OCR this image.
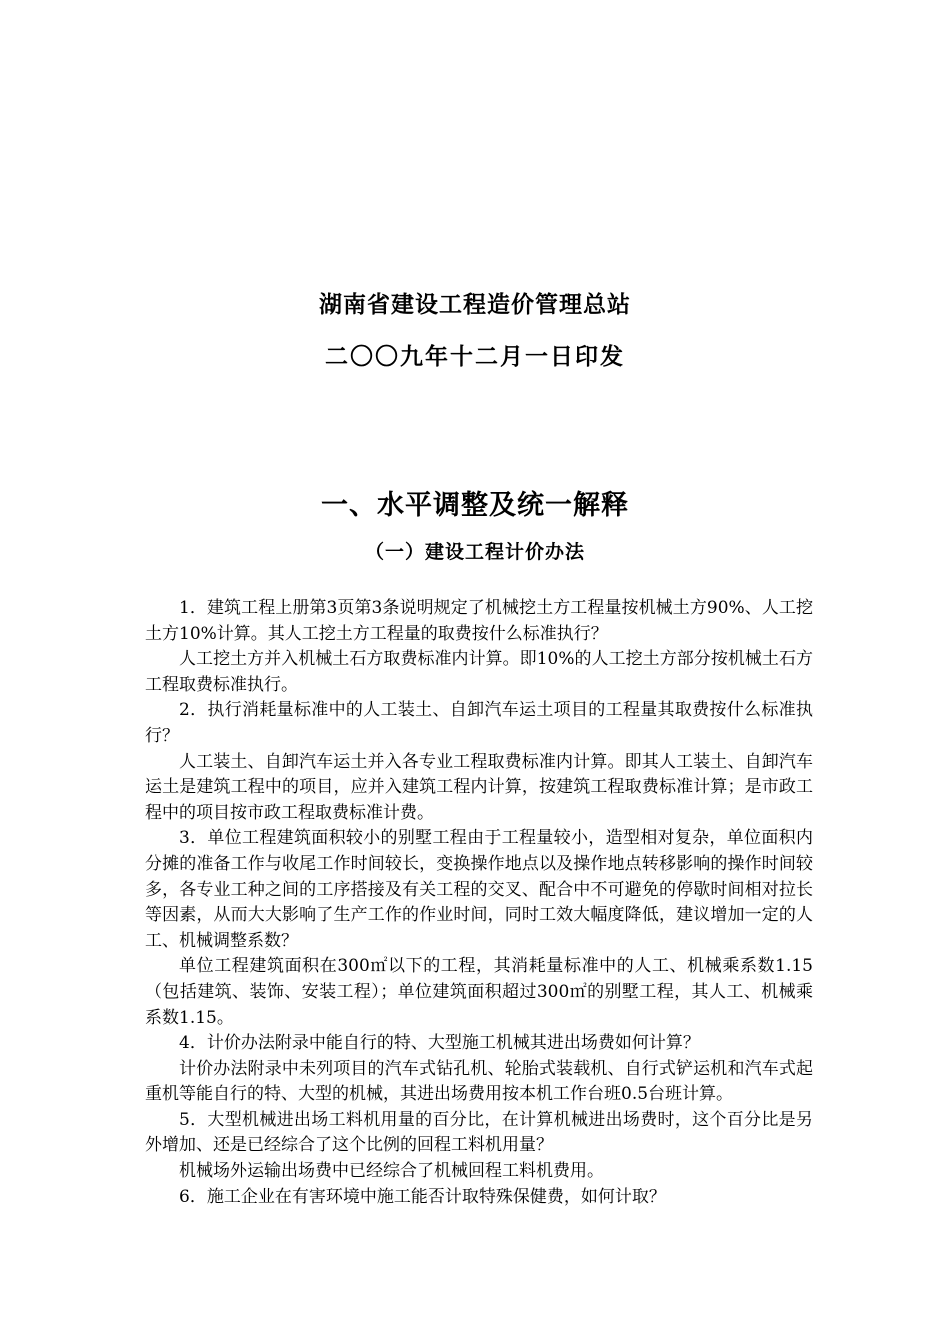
湖南省建设工程造价管理总站
二〇〇九年十二月一日印发
一、水平调整及统一解释
（一）建设工程计价办法

1．建筑工程上册第3页第3条说明规定了机械挖土方工程量按机械土方90%、人工挖土方10%计算。其人工挖土方工程量的取费按什么标准执行？

人工挖土方并入机械土石方取费标准内计算。即10%的人工挖土方部分按机械土石方工程取费标准执行。

2．执行消耗量标准中的人工装土、自卸汽车运土项目的工程量其取费按什么标准执行？

人工装土、自卸汽车运土并入各专业工程取费标准内计算。即其人工装土、自卸汽车运土是建筑工程中的项目，应并入建筑工程内计算，按建筑工程取费标准计算；是市政工程中的项目按市政工程取费标准计费。

3．单位工程建筑面积较小的别墅工程由于工程量较小，造型相对复杂，单位面积内分摊的准备工作与收尾工作时间较长，变换操作地点以及操作地点转移影响的操作时间较多，各专业工种之间的工序搭接及有关工程的交叉、配合中不可避免的停歇时间相对拉长等因素，从而大大影响了生产工作的作业时间，同时工效大幅度降低，建议增加一定的人工、机械调整系数？

单位工程建筑面积在300㎡以下的工程，其消耗量标准中的人工、机械乘系数1.15（包括建筑、装饰、安装工程）；单位建筑面积超过300㎡的别墅工程，其人工、机械乘系数1.15。

4．计价办法附录中能自行的特、大型施工机械其进出场费如何计算？

计价办法附录中未列项目的汽车式钻孔机、轮胎式装载机、自行式铲运机和汽车式起重机等能自行的特、大型的机械，其进出场费用按本机工作台班0.5台班计算。

5．大型机械进出场工料机用量的百分比，在计算机械进出场费时，这个百分比是另外增加、还是已经综合了这个比例的回程工料机用量？

机械场外运输出场费中已经综合了机械回程工料机费用。

6．施工企业在有害环境中施工能否计取特殊保健费，如何计取？
